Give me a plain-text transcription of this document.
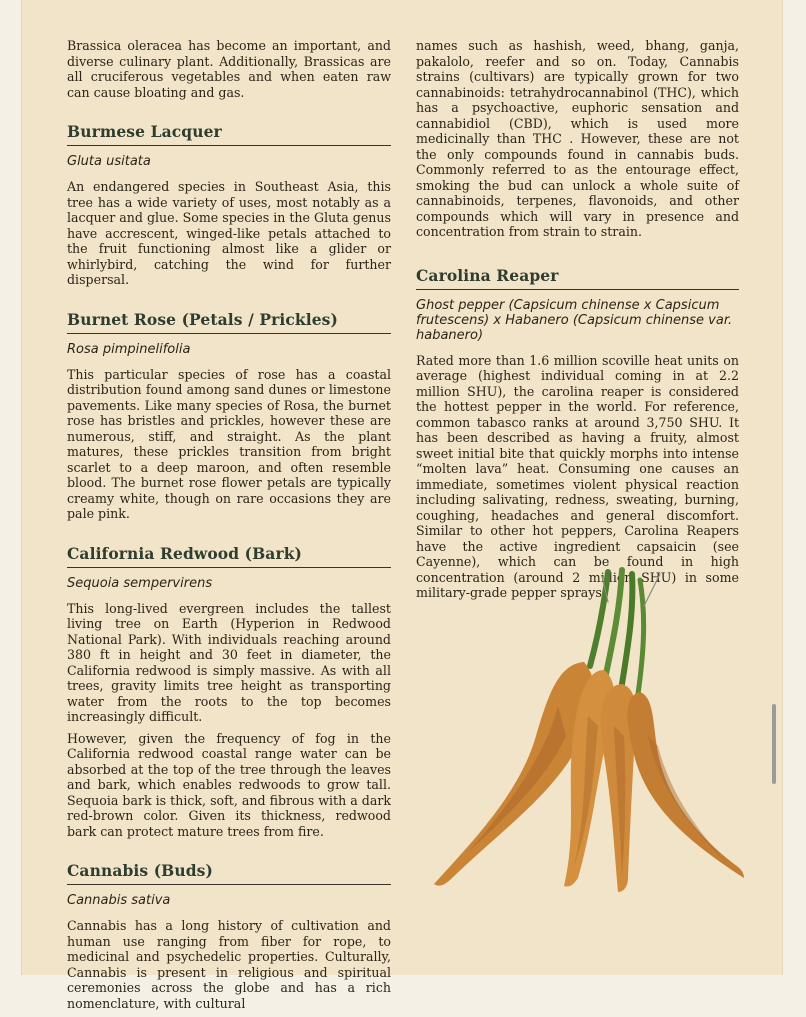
Brassica oleracea has become an important, and diverse culinary plant. Additionally, Brassicas are all cruciferous vegetables and when eaten raw can cause bloating and gas.

Burmese Lacquer
Gluta usitata

An endangered species in Southeast Asia, this tree has a wide variety of uses, most notably as a lacquer and glue. Some species in the Gluta genus have accrescent, winged-like petals attached to the fruit functioning almost like a glider or whirlybird, catching the wind for further dispersal.

Burnet Rose (Petals / Prickles)
Rosa pimpinelifolia

This particular species of rose has a coastal distribution found among sand dunes or limestone pavements. Like many species of Rosa, the burnet rose has bristles and prickles, however these are numerous, stiff, and straight. As the plant matures, these prickles transition from bright scarlet to a deep maroon, and often resemble blood. The burnet rose flower petals are typically creamy white, though on rare occasions they are pale pink.

California Redwood (Bark)
Sequoia sempervirens

This long-lived evergreen includes the tallest living tree on Earth (Hyperion in Redwood National Park). With individuals reaching around 380 ft in height and 30 feet in diameter, the California redwood is simply massive. As with all trees, gravity limits tree height as transporting water from the roots to the top becomes increasingly difficult.

However, given the frequency of fog in the California redwood coastal range water can be absorbed at the top of the tree through the leaves and bark, which enables redwoods to grow tall. Sequoia bark is thick, soft, and fibrous with a dark red-brown color. Given its thickness, redwood bark can protect mature trees from fire.

Cannabis (Buds)
Cannabis sativa

Cannabis has a long history of cultivation and human use ranging from fiber for rope, to medicinal and psychedelic properties. Culturally, Cannabis is present in religious and spiritual ceremonies across the globe and has a rich nomenclature, with cultural

names such as hashish, weed, bhang, ganja, pakalolo, reefer and so on. Today, Cannabis strains (cultivars) are typically grown for two cannabinoids: tetrahydrocannabinol (THC), which has a psychoactive, euphoric sensation and cannabidiol (CBD), which is used more medicinally than THC . However, these are not the only compounds found in cannabis buds. Commonly referred to as the entourage effect, smoking the bud can unlock a whole suite of cannabinoids, terpenes, flavonoids, and other compounds which will vary in presence and concentration from strain to strain.

Carolina Reaper
Ghost pepper (Capsicum chinense x Capsicum frutescens) x Habanero (Capsicum chinense var. habanero)

Rated more than 1.6 million scoville heat units on average (highest individual coming in at 2.2 million SHU), the carolina reaper is considered the hottest pepper in the world. For reference, common tabasco ranks at around 3,750 SHU. It has been described as having a fruity, almost sweet initial bite that quickly morphs into intense “molten lava” heat. Consuming one causes an immediate, sometimes violent physical reaction including salivating, redness, sweating, burning, coughing, headaches and general discomfort. Similar to other hot peppers, Carolina Reapers have the active ingredient capsaicin (see Cayenne), which can be found in high concentration (around 2 million SHU) in some military-grade pepper sprays.
